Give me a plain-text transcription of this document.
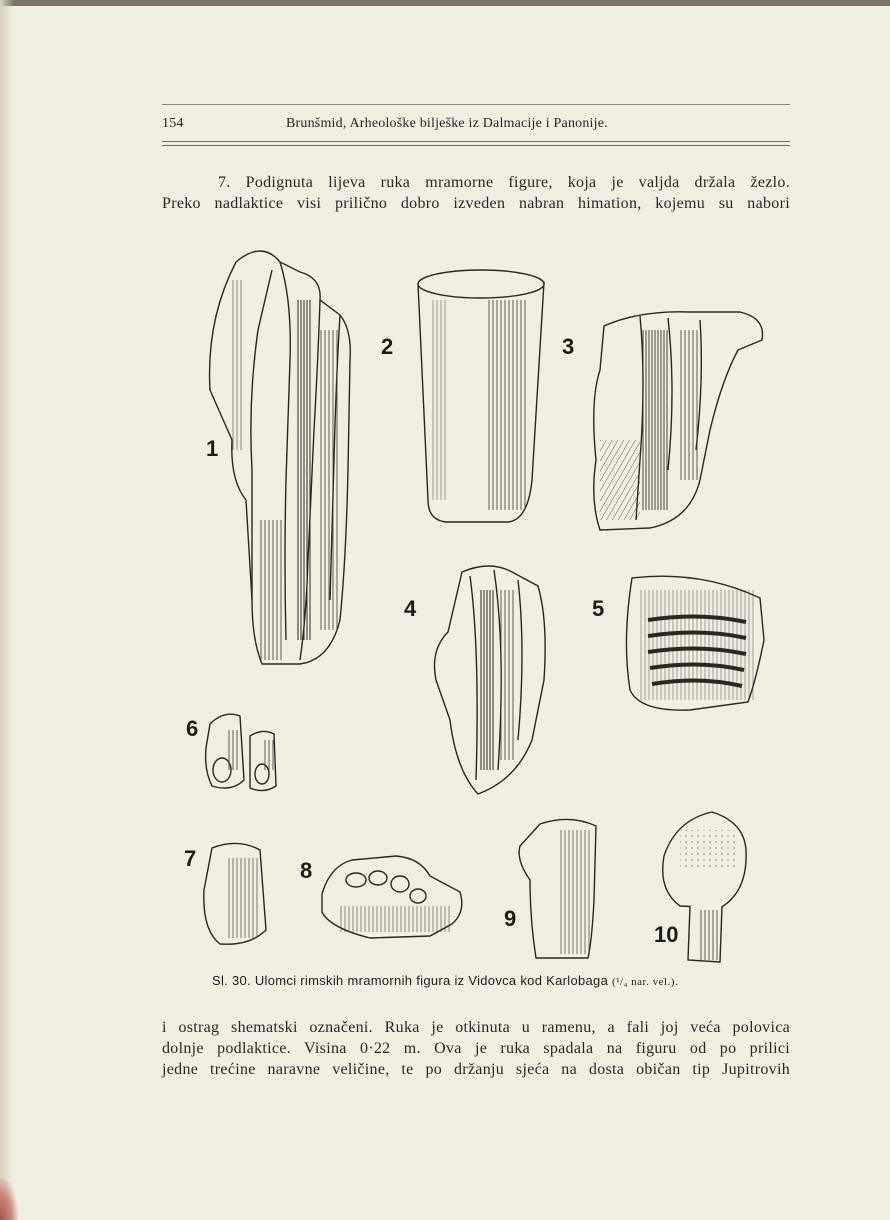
154	Brunšmid, Arheološke bilješke iz Dalmacije i Panonije.
7. Podignuta lijeva ruka mramorne figure, koja je valjda držala žezlo.
Preko nadlaktice visi prilično dobro izveden nabran himation, kojemu su nabori
1
2	3
4	5
6
7	8
9
10
Sl. 30. Ulomci rimskih mramornih figura iz Vidovca kod Karlobaga (¹/₄ nar. vel.).
i ostrag shematski označeni. Ruka je otkinuta u ramenu, a fali joj veća polovica
dolnje podlaktice. Visina 0·22 m. Ova je ruka spadala na figuru od po prilici
jedne trećine naravne veličine, te po držanju sjeća na dosta običan tip Jupitrovih
